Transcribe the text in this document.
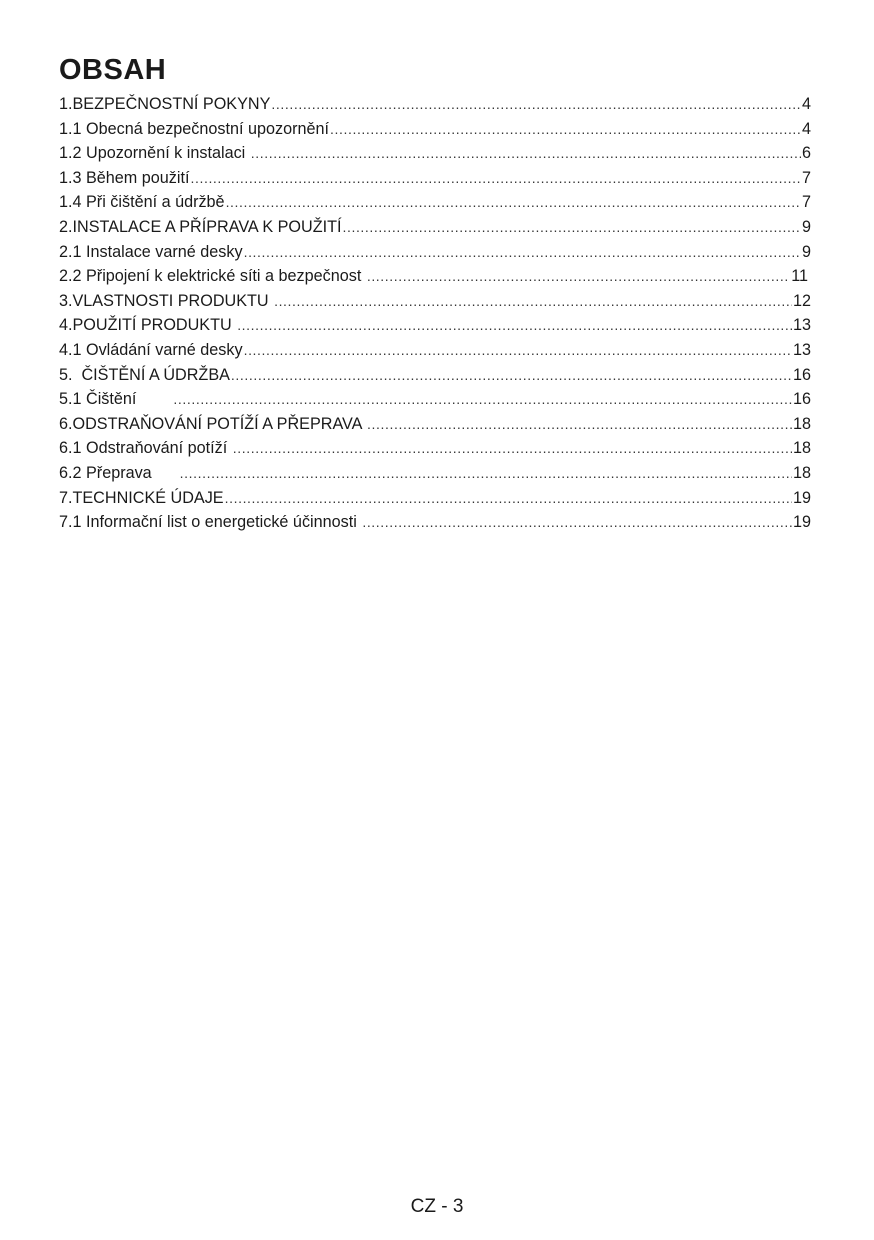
OBSAH
1.BEZPEČNOSTNÍ POKYNY .....	4
1.1 Obecná bezpečnostní upozornění .....	4
1.2 Upozornění k instalaci .....	6
1.3 Během použití .....	7
1.4 Při čištění a údržbě .....	7
2.INSTALACE A PŘÍPRAVA K POUŽITÍ .....	9
2.1 Instalace varné desky .....	9
2.2 Připojení k elektrické síti a bezpečnost .....	11
3.VLASTNOSTI PRODUKTU .....	12
4.POUŽITÍ PRODUKTU .....	13
4.1 Ovládání varné desky .....	13
5.  ČIŠTĚNÍ A ÚDRŽBA .....	16
5.1 Čištění .....	16
6.ODSTRAŇOVÁNÍ POTÍŽÍ A PŘEPRAVA .....	18
6.1 Odstraňování potíží .....	18
6.2 Přeprava .....	18
7.TECHNICKÉ ÚDAJE .....	19
7.1 Informační list o energetické účinnosti .....	19
CZ - 3
